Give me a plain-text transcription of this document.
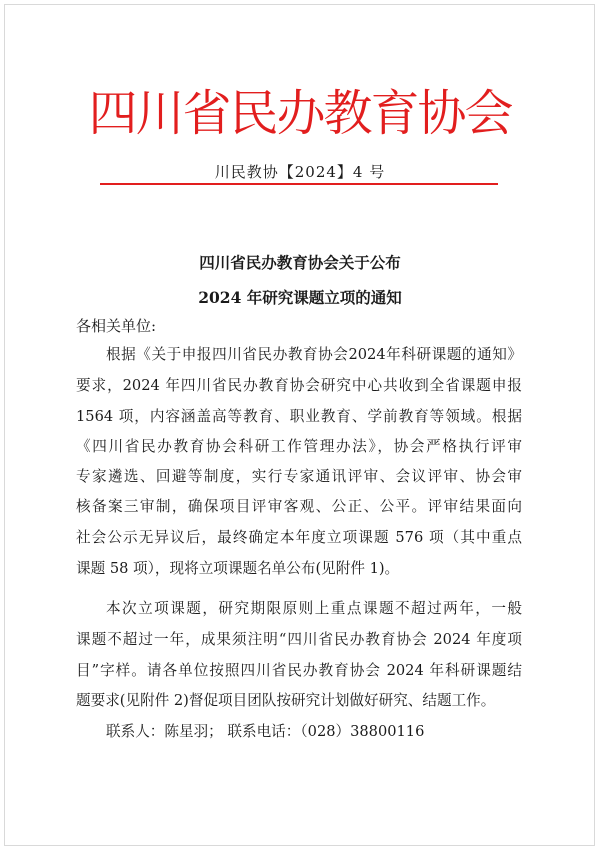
四川省民办教育协会
川民教协【2024】4 号
四川省民办教育协会关于公布
2024 年研究课题立项的通知
各相关单位:
根据《关于申报四川省民办教育协会2024年科研课题的通知》
要求，2024 年四川省民办教育协会研究中心共收到全省课题申报
1564 项，内容涵盖高等教育、职业教育、学前教育等领域。根据
《四川省民办教育协会科研工作管理办法》，协会严格执行评审
专家遴选、回避等制度，实行专家通讯评审、会议评审、协会审
核备案三审制，确保项目评审客观、公正、公平。评审结果面向
社会公示无异议后，最终确定本年度立项课题 576 项（其中重点
课题 58 项），现将立项课题名单公布(见附件 1)。
本次立项课题，研究期限原则上重点课题不超过两年，一般
课题不超过一年，成果须注明“四川省民办教育协会 2024 年度项
目”字样。请各单位按照四川省民办教育协会 2024 年科研课题结
题要求(见附件 2)督促项目团队按研究计划做好研究、结题工作。
联系人：陈星羽； 联系电话：（028）38800116
